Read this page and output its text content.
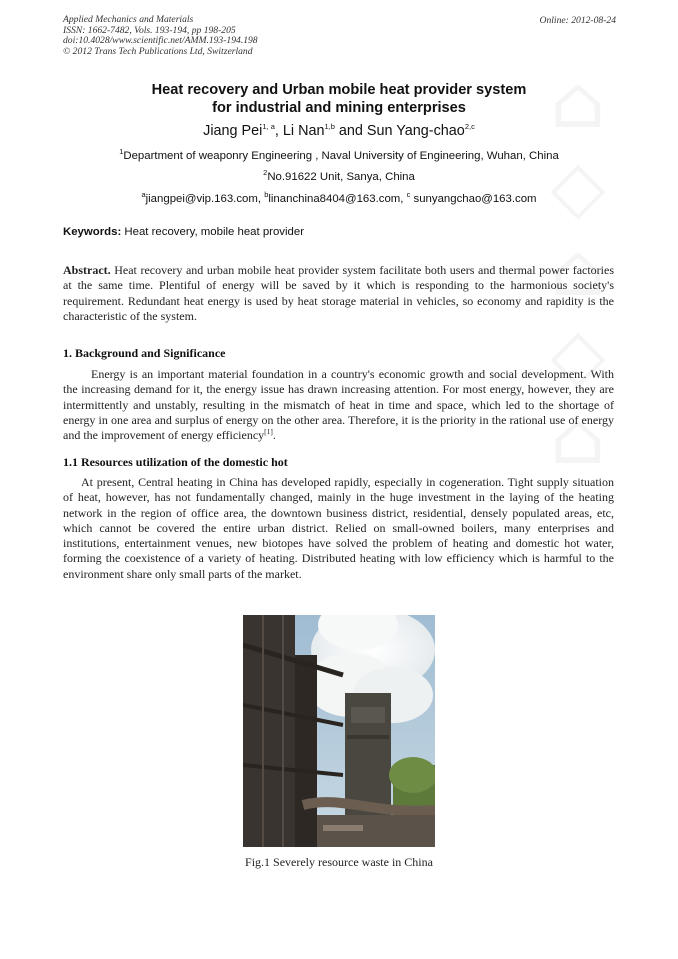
⌂
◇
⌂
◇
⌂
Applied Mechanics and Materials
ISSN: 1662-7482, Vols. 193-194, pp 198-205
doi:10.4028/www.scientific.net/AMM.193-194.198
© 2012 Trans Tech Publications Ltd, Switzerland
Online: 2012-08-24
Heat recovery and Urban mobile heat provider system
for industrial and mining enterprises
Jiang Pei$^{1, a}$, Li Nan$^{1,b}$ and Sun Yang-chao$^{2,c}$
$^1$Department of weaponry Engineering , Naval University of Engineering, Wuhan, China
$^2$No.91622 Unit, Sanya, China
$^a$jiangpei@vip.163.com, $^b$linanchina8404@163.com, $^c$ sunyangchao@163.com
Keywords: Heat recovery, mobile heat provider
Abstract. Heat recovery and urban mobile heat provider system facilitate both users and thermal power factories at the same time. Plentiful of energy will be saved by it which is responding to the harmonious society's requirement. Redundant heat energy is used by heat storage material in vehicles, so economy and rapidity is the characteristic of the system.
1. Background and Significance
Energy is an important material foundation in a country's economic growth and social development. With the increasing demand for it, the energy issue has drawn increasing attention. For most energy, however, they are intermittently and unstably, resulting in the mismatch of heat in time and space, which led to the shortage of energy in one area and surplus of energy on the other area. Therefore, it is the priority in the rational use of energy and the improvement of energy efficiency[1].
1.1 Resources utilization of the domestic hot
At present, Central heating in China has developed rapidly, especially in cogeneration. Tight supply situation of heat, however, has not fundamentally changed, mainly in the huge investment in the laying of the heating network in the region of office area, the downtown business district, residential, densely populated areas, etc, which cannot be covered the entire urban district. Relied on small-owned boilers, many enterprises and institutions, entertainment venues, new biotopes have solved the problem of heating and domestic hot water, forming the coexistence of a variety of heating. Distributed heating with low efficiency which is harmful to the environment share only small parts of the market.
Fig.1 Severely resource waste in China
